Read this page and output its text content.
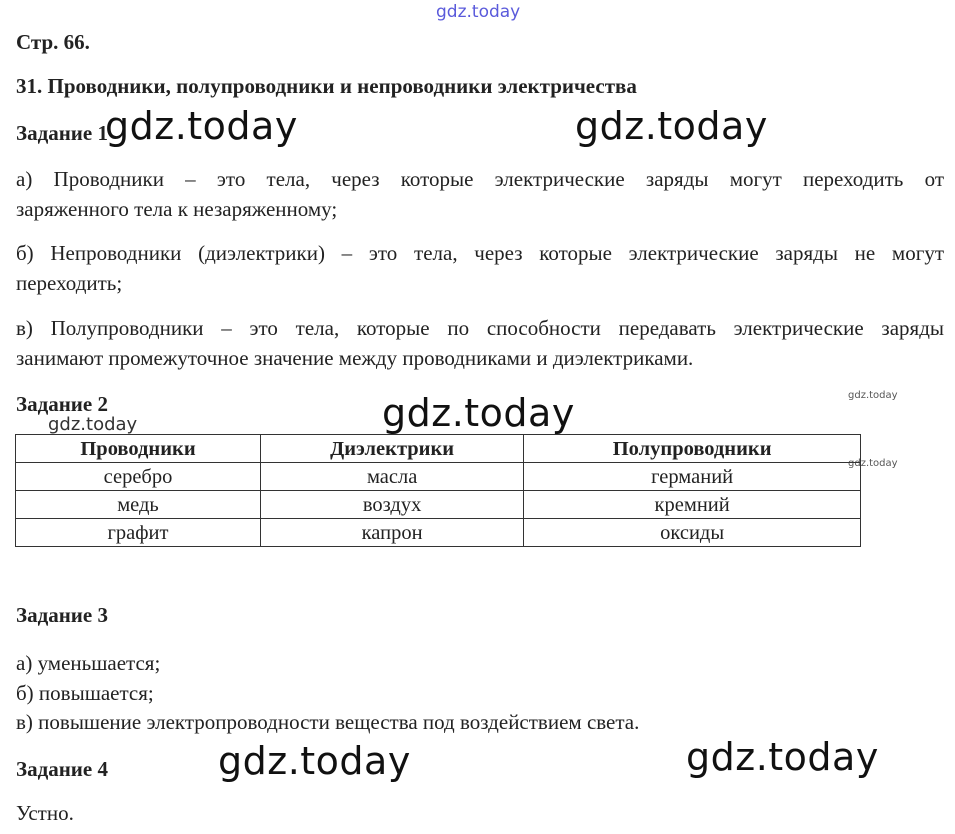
gdz.today
gdz.today	gdz.today
gdz.today
gdz.today
gdz.today
gdz.today
gdz.today	gdz.today
Стр. 66.
31. Проводники, полупроводники и непроводники электричества
Задание 1
а) Проводники – это тела, через которые электрические заряды могут переходить от
заряженного тела к незаряженному;
б) Непроводники (диэлектрики) – это тела, через которые электрические заряды не могут
переходить;
в) Полупроводники – это тела, которые по способности передавать электрические заряды
занимают промежуточное значение между проводниками и диэлектриками.
Задание 2
Проводники	Диэлектрики	Полупроводники
серебро	масла	германий
медь	воздух	кремний
графит	капрон	оксиды
Задание 3
а) уменьшается;
б) повышается;
в) повышение электропроводности вещества под воздействием света.
Задание 4
Устно.
